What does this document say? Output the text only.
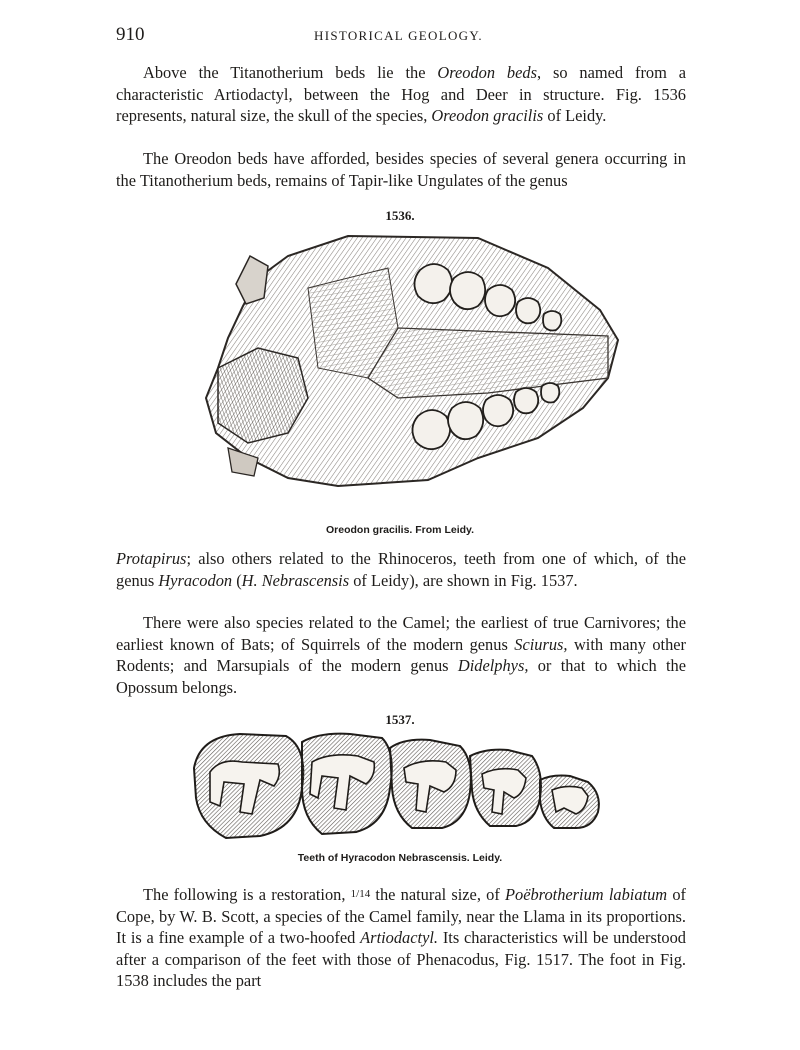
910	HISTORICAL GEOLOGY.

Above the Titanotherium beds lie the Oreodon beds, so named from a characteristic Artiodactyl, between the Hog and Deer in structure. Fig. 1536 represents, natural size, the skull of the species, Oreodon gracilis of Leidy.

The Oreodon beds have afforded, besides species of several genera occurring in the Titanotherium beds, remains of Tapir-like Ungulates of the genus

1536.
Oreodon gracilis. From Leidy.

Protapirus; also others related to the Rhinoceros, teeth from one of which, of the genus Hyracodon (H. Nebrascensis of Leidy), are shown in Fig. 1537.

There were also species related to the Camel; the earliest of true Carnivores; the earliest known of Bats; of Squirrels of the modern genus Sciurus, with many other Rodents; and Marsupials of the modern genus Didelphys, or that to which the Opossum belongs.

1537.
Teeth of Hyracodon Nebrascensis. Leidy.

The following is a restoration, 1/14 the natural size, of Poëbrotherium labiatum of Cope, by W. B. Scott, a species of the Camel family, near the Llama in its proportions. It is a fine example of a two-hoofed Artiodactyl. Its characteristics will be understood after a comparison of the feet with those of Phenacodus, Fig. 1517. The foot in Fig. 1538 includes the part
